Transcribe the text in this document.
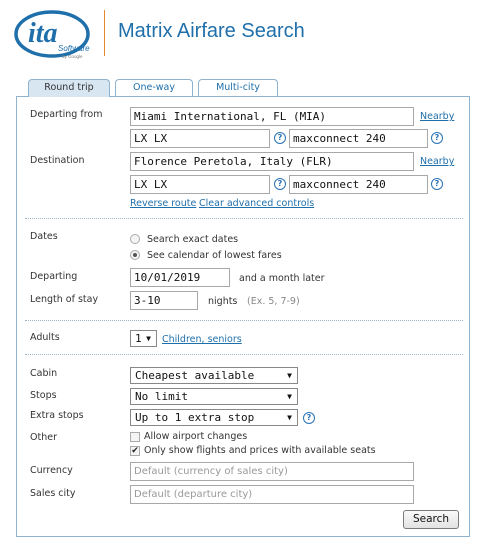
ita Software
by Google
Matrix Airfare Search
Round trip	One-way	Multi-city
Departing from	Miami International, FL (MIA)	Nearby
LX LX	? maxconnect 240	?
Destination	Florence Peretola, Italy (FLR)	Nearby
LX LX	? maxconnect 240	?
Reverse route Clear advanced controls
Dates	Search exact dates
See calendar of lowest fares
Departing	10/01/2019	and a month later
Length of stay	3-10	nights (Ex. 5, 7-9)
Adults	1 ▼ Children, seniors
Cabin	Cheapest available	▼
Stops	No limit	▼
Extra stops	Up to 1 extra stop	▼	?
Other	Allow airport changes
✔ Only show flights and prices with available seats
Currency	Default (currency of sales city)
Sales city	Default (departure city)
Search
